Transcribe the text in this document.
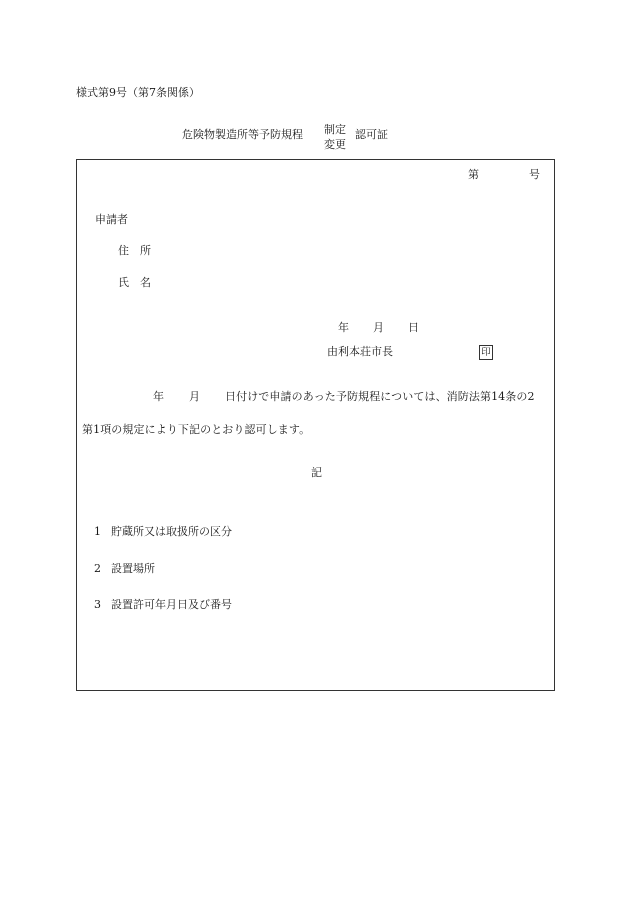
様式第9号（第7条関係）
危険物製造所等予防規程 制定
変更
認可証
第	号
申請者
住　所
氏　名
年 月 日
由利本荘市長	印
年 月 日付けで申請のあった予防規程については、消防法第14条の2
第1項の規定により下記のとおり認可します。
記
1 貯蔵所又は取扱所の区分
2 設置場所
3 設置許可年月日及び番号
